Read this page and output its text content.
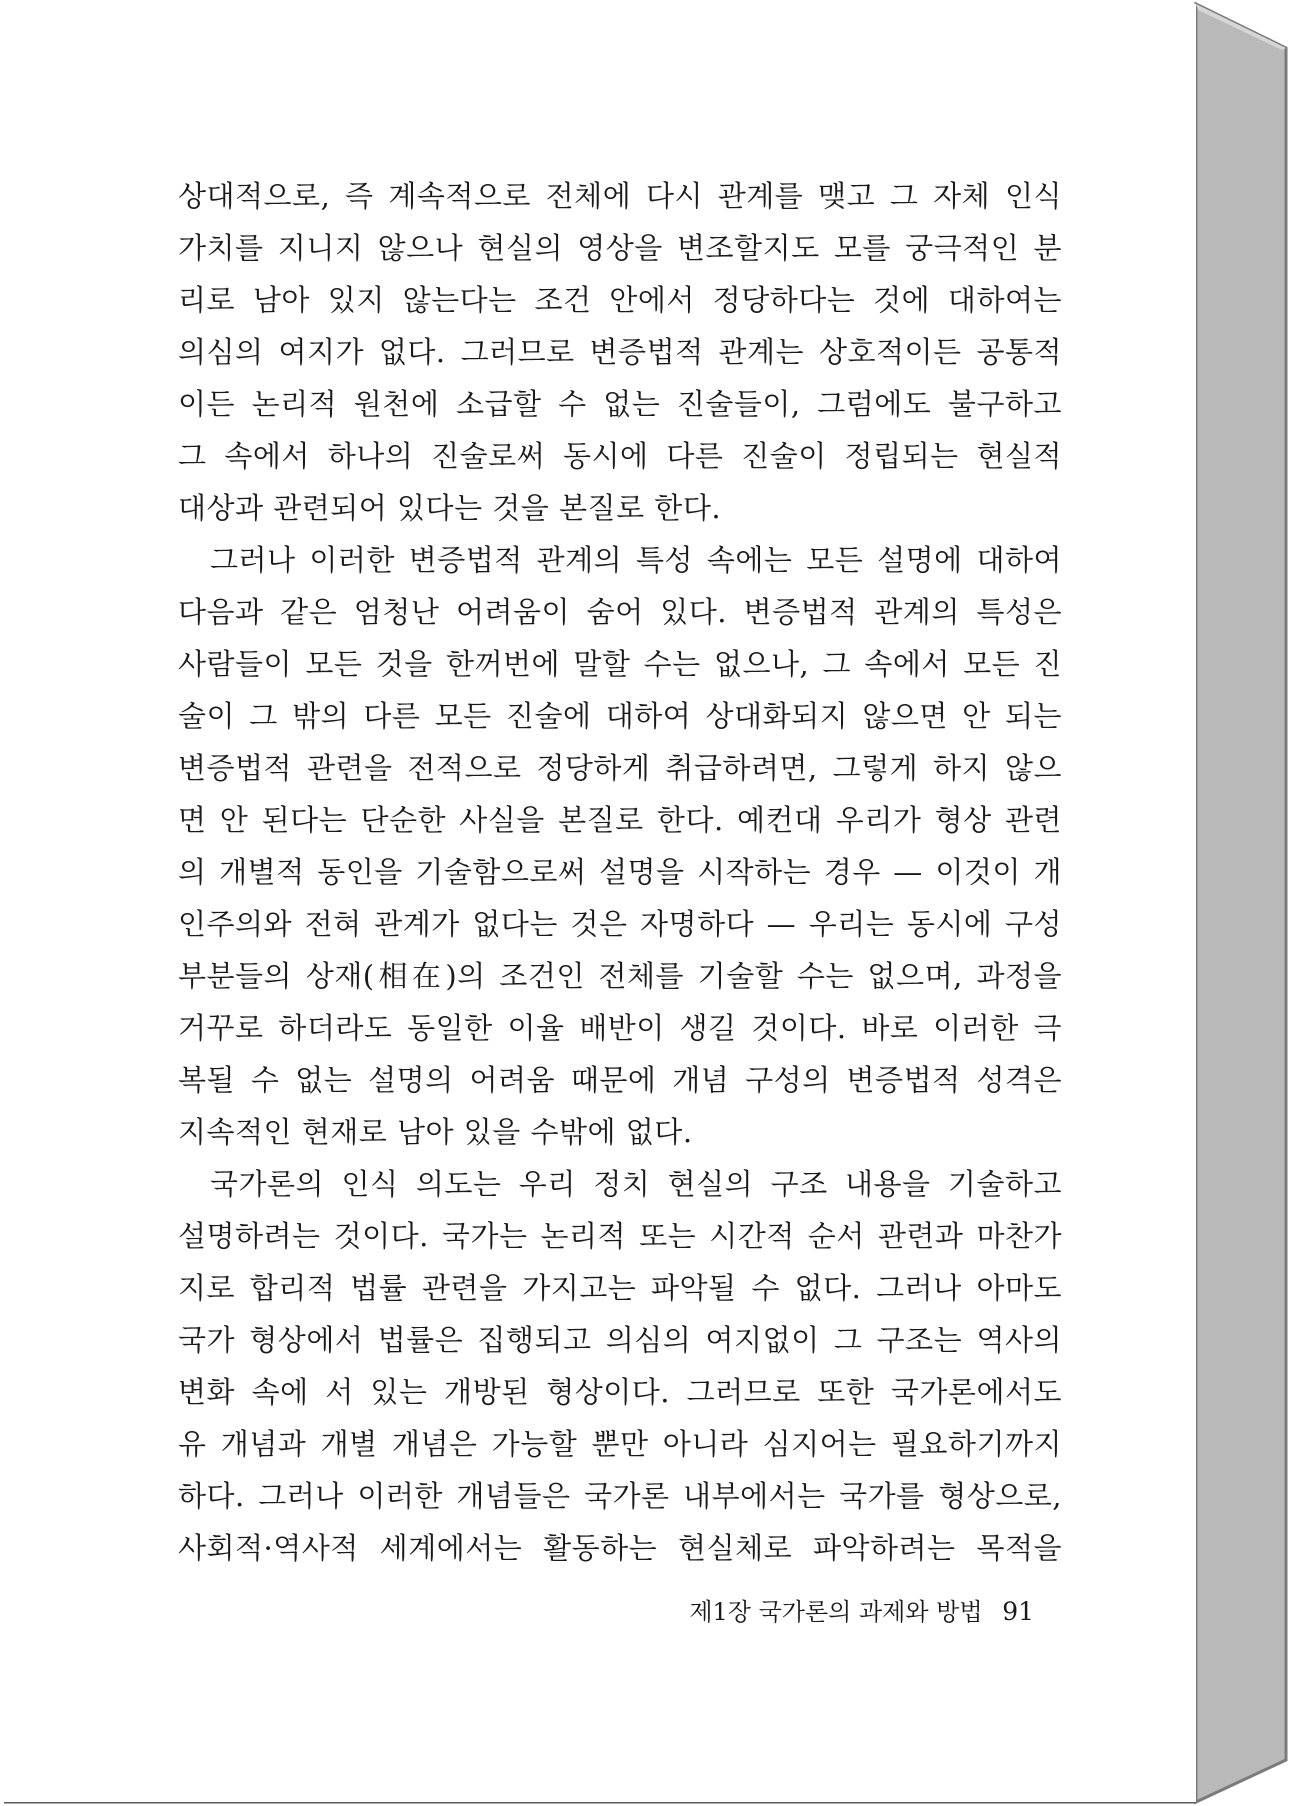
상대적으로, 즉 계속적으로 전체에 다시 관계를 맺고 그 자체 인식
가치를 지니지 않으나 현실의 영상을 변조할지도 모를 궁극적인 분
리로 남아 있지 않는다는 조건 안에서 정당하다는 것에 대하여는
의심의 여지가 없다. 그러므로 변증법적 관계는 상호적이든 공통적
이든 논리적 원천에 소급할 수 없는 진술들이, 그럼에도 불구하고
그 속에서 하나의 진술로써 동시에 다른 진술이 정립되는 현실적
대상과 관련되어 있다는 것을 본질로 한다.
그러나 이러한 변증법적 관계의 특성 속에는 모든 설명에 대하여
다음과 같은 엄청난 어려움이 숨어 있다. 변증법적 관계의 특성은
사람들이 모든 것을 한꺼번에 말할 수는 없으나, 그 속에서 모든 진
술이 그 밖의 다른 모든 진술에 대하여 상대화되지 않으면 안 되는
변증법적 관련을 전적으로 정당하게 취급하려면, 그렇게 하지 않으
면 안 된다는 단순한 사실을 본질로 한다. 예컨대 우리가 형상 관련
의 개별적 동인을 기술함으로써 설명을 시작하는 경우 — 이것이 개
인주의와 전혀 관계가 없다는 것은 자명하다 — 우리는 동시에 구성
부분들의 상재(相在)의 조건인 전체를 기술할 수는 없으며, 과정을
거꾸로 하더라도 동일한 이율 배반이 생길 것이다. 바로 이러한 극
복될 수 없는 설명의 어려움 때문에 개념 구성의 변증법적 성격은
지속적인 현재로 남아 있을 수밖에 없다.
국가론의 인식 의도는 우리 정치 현실의 구조 내용을 기술하고
설명하려는 것이다. 국가는 논리적 또는 시간적 순서 관련과 마찬가
지로 합리적 법률 관련을 가지고는 파악될 수 없다. 그러나 아마도
국가 형상에서 법률은 집행되고 의심의 여지없이 그 구조는 역사의
변화 속에 서 있는 개방된 형상이다. 그러므로 또한 국가론에서도
유 개념과 개별 개념은 가능할 뿐만 아니라 심지어는 필요하기까지
하다. 그러나 이러한 개념들은 국가론 내부에서는 국가를 형상으로,
사회적·역사적 세계에서는 활동하는 현실체로 파악하려는 목적을
제1장 국가론의 과제와 방법 91
